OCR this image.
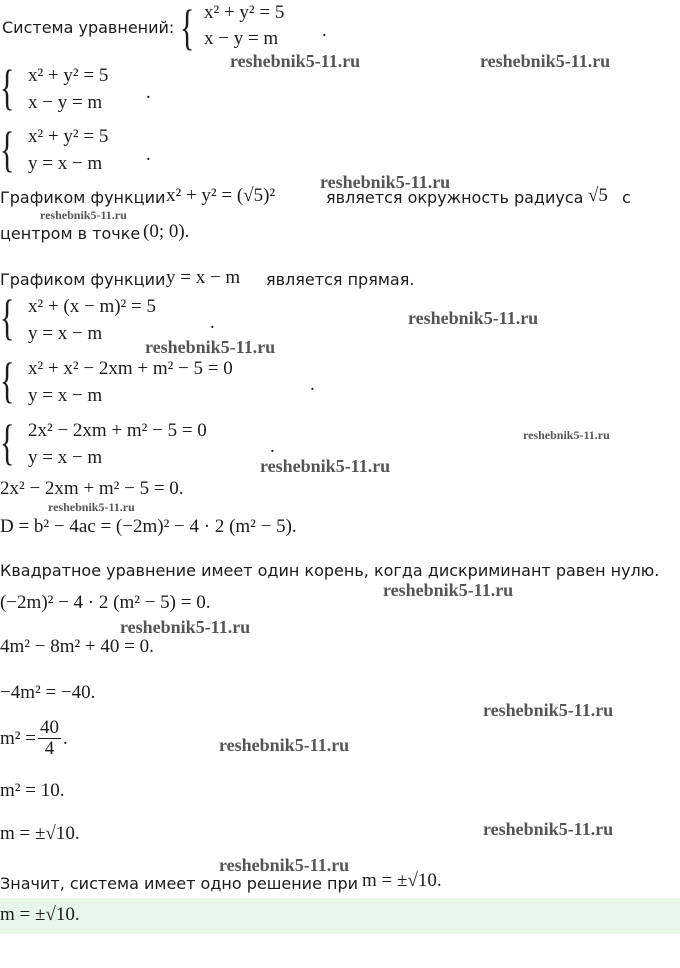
Система уравнений: { x² + y² = 5
x − y = m .
reshebnik5-11.ru	reshebnik5-11.ru
{ x² + y² = 5
x − y = m .
{ x² + y² = 5
y = x − m .
reshebnik5-11.ru
Графиком функции x² + y² = (√5)²	является окружность радиуса √5 с
reshebnik5-11.ru
центром в точке (0; 0).
Графиком функции y = x − m является прямая.
{ x² + (x − m)² = 5
y = x − m
.	reshebnik5-11.ru
reshebnik5-11.ru
{ x² + x² − 2xm + m² − 5 = 0
y = x − m
.
{ 2x² − 2xm + m² − 5 = 0
y = x − m
.
reshebnik5-11.ru
reshebnik5-11.ru
2x² − 2xm + m² − 5 = 0.
reshebnik5-11.ru
D = b² − 4ac = (−2m)² − 4 · 2 (m² − 5).
Квадратное уравнение имеет один корень, когда дискриминант равен нулю.
(−2m)² − 4 · 2 (m² − 5) = 0.
reshebnik5-11.ru
reshebnik5-11.ru
4m² − 8m² + 40 = 0.
−4m² = −40.
reshebnik5-11.ru
$m^2 = \frac{40}{4}$ .	reshebnik5-11.ru
m² = 10.
m = ±√10.	reshebnik5-11.ru
reshebnik5-11.ru
Значит, система имеет одно решение при m = ±√10.
m = ±√10.
